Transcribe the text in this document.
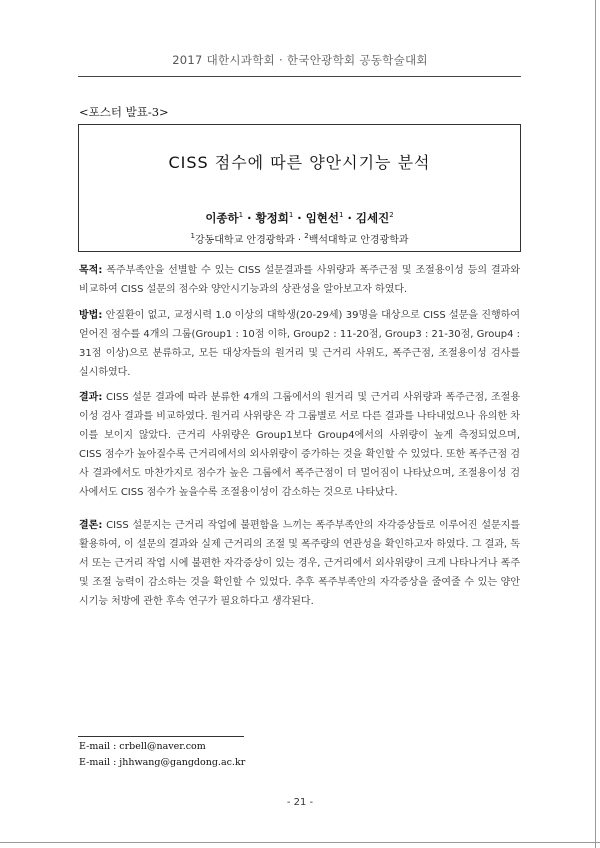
2017 대한시과학회 · 한국안광학회 공동학술대회
<포스터 발표-3>
CISS 점수에 따른 양안시기능 분석
이종하$^1$ · 황정희$^1$ · 임현선$^1$ · 김세진$^2$
$^1$강동대학교 안경광학과 · $^2$백석대학교 안경광학과
목적: 폭주부족안을 선별할 수 있는 CISS 설문결과를 사위량과 폭주근점 및 조절용이성 등의 결과와 비교하여 CISS 설문의 점수와 양안시기능과의 상관성을 알아보고자 하였다.
방법: 안질환이 없고, 교정시력 1.0 이상의 대학생(20-29세) 39명을 대상으로 CISS 설문을 진행하여 얻어진 점수를 4개의 그룹(Group1 : 10점 이하, Group2 : 11-20점, Group3 : 21-30점, Group4 : 31점 이상)으로 분류하고, 모든 대상자들의 원거리 및 근거리 사위도, 폭주근점, 조절용이성 검사를 실시하였다.
결과: CISS 설문 결과에 따라 분류한 4개의 그룹에서의 원거리 및 근거리 사위량과 폭주근점, 조절용이성 검사 결과를 비교하였다. 원거리 사위량은 각 그룹별로 서로 다른 결과를 나타내었으나 유의한 차이를 보이지 않았다. 근거리 사위량은 Group1보다 Group4에서의 사위량이 높게 측정되었으며, CISS 점수가 높아질수록 근거리에서의 외사위량이 증가하는 것을 확인할 수 있었다. 또한 폭주근점 검사 결과에서도 마찬가지로 점수가 높은 그룹에서 폭주근점이 더 멀어짐이 나타났으며, 조절용이성 검사에서도 CISS 점수가 높을수록 조절용이성이 감소하는 것으로 나타났다.
결론: CISS 설문지는 근거리 작업에 불편함을 느끼는 폭주부족안의 자각증상들로 이루어진 설문지를 활용하여, 이 설문의 결과와 실제 근거리의 조절 및 폭주량의 연관성을 확인하고자 하였다. 그 결과, 독서 또는 근거리 작업 시에 불편한 자각증상이 있는 경우, 근거리에서 외사위량이 크게 나타나거나 폭주 및 조절 능력이 감소하는 것을 확인할 수 있었다. 추후 폭주부족안의 자각증상을 줄여줄 수 있는 양안시기능 처방에 관한 후속 연구가 필요하다고 생각된다.
E-mail : crbell@naver.com
E-mail : jhhwang@gangdong.ac.kr
- 21 -
